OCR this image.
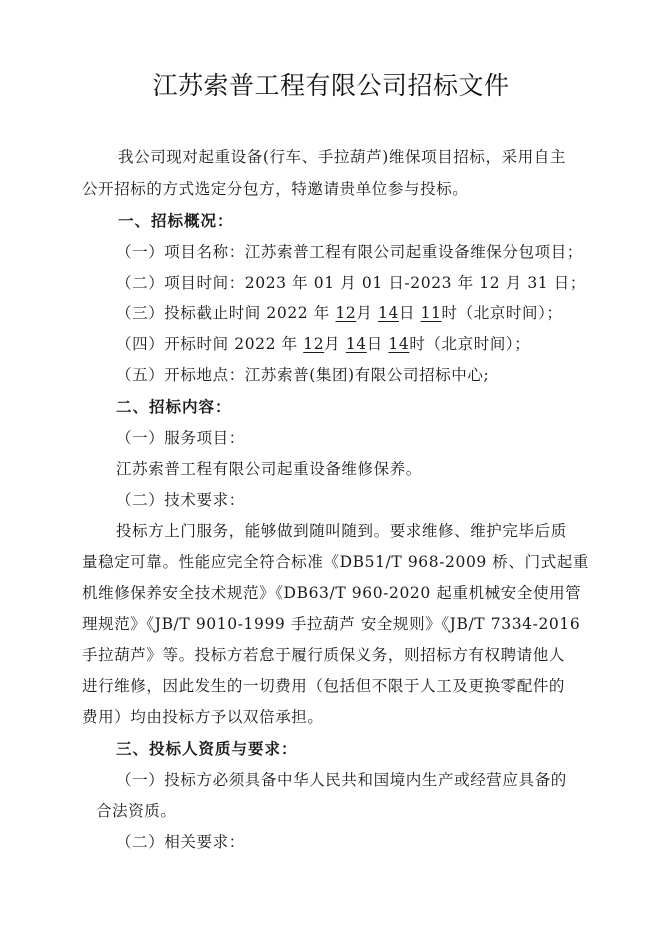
江苏索普工程有限公司招标文件
我公司现对起重设备(行车、手拉葫芦)维保项目招标，采用自主
公开招标的方式选定分包方，特邀请贵单位参与投标。
一、招标概况：
（一）项目名称：江苏索普工程有限公司起重设备维保分包项目；
（二）项目时间：2023 年 01 月 01 日-2023 年 12 月 31 日；
（三）投标截止时间 2022 年 12月 14日 11时（北京时间）；
（四）开标时间 2022 年 12月 14日 14时（北京时间）；
（五）开标地点：江苏索普(集团)有限公司招标中心;
二、招标内容：
（一）服务项目：
江苏索普工程有限公司起重设备维修保养。
（二）技术要求：
投标方上门服务，能够做到随叫随到。要求维修、维护完毕后质
量稳定可靠。性能应完全符合标准《DB51/T 968-2009 桥、门式起重
机维修保养安全技术规范》《DB63/T 960-2020 起重机械安全使用管
理规范》《JB/T 9010-1999 手拉葫芦 安全规则》《JB/T 7334-2016
手拉葫芦》等。投标方若怠于履行质保义务，则招标方有权聘请他人
进行维修，因此发生的一切费用（包括但不限于人工及更换零配件的
费用）均由投标方予以双倍承担。
三、投标人资质与要求：
（一）投标方必须具备中华人民共和国境内生产或经营应具备的
合法资质。
（二）相关要求：
